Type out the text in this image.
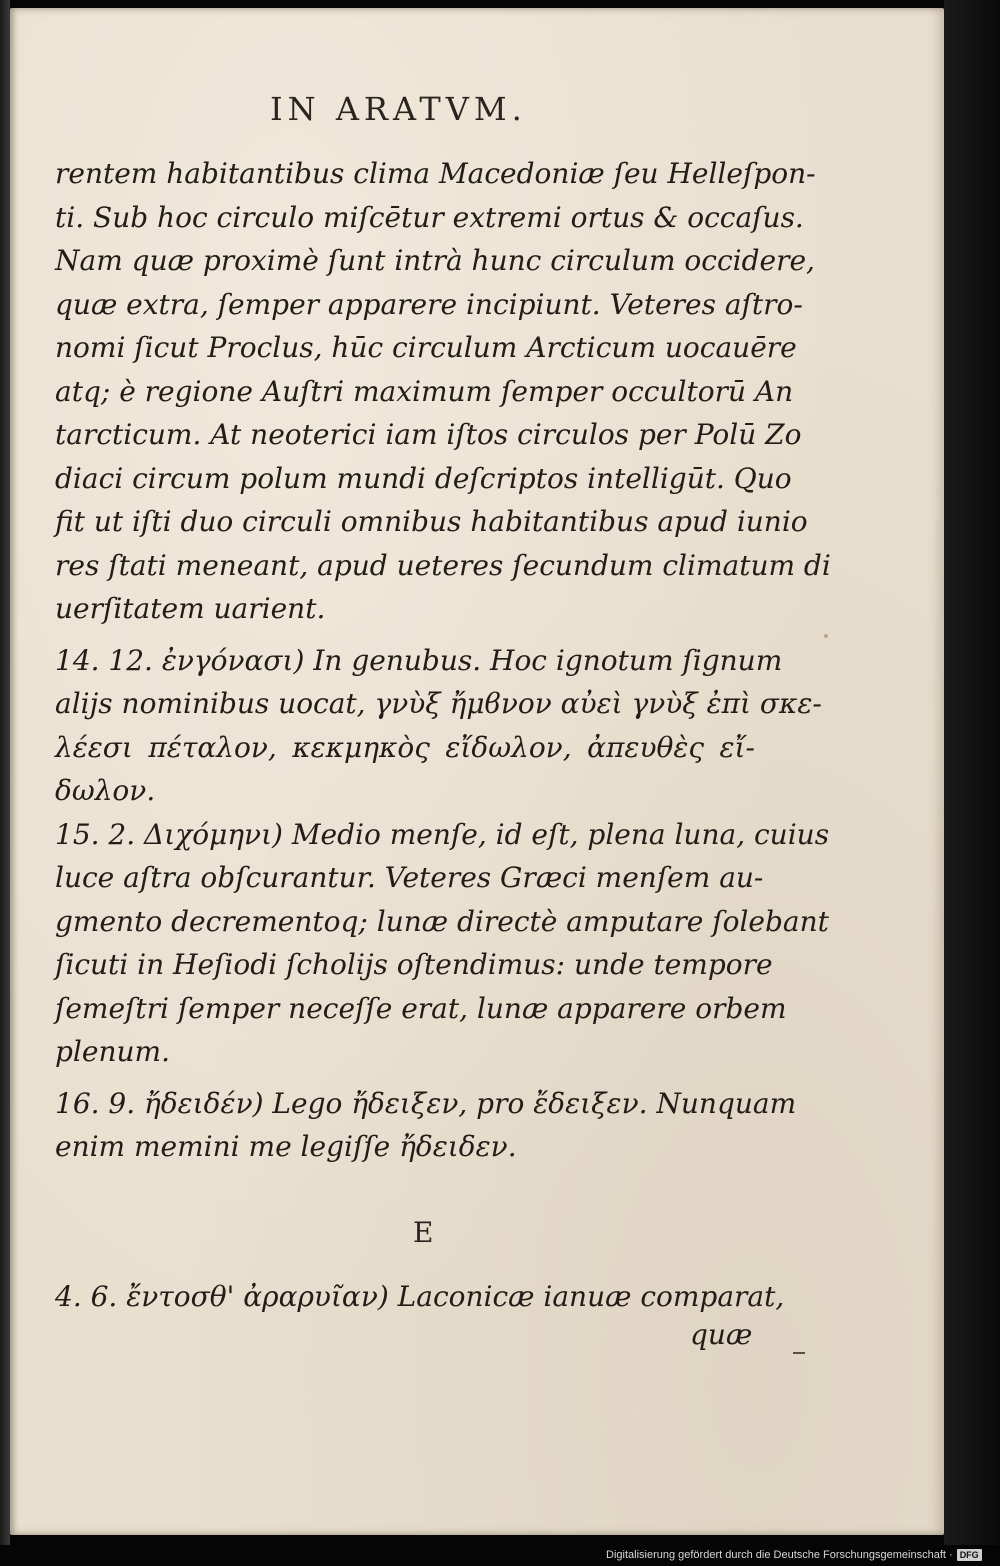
IN ARATVM.
rentem habitantibus clima Macedoniæ ſeu Helleſpon-
ti. Sub hoc circulo miſcētur extremi ortus & occaſus.
Nam quæ proximè ſunt intrà hunc circulum occidere,
quæ extra, ſemper apparere incipiunt. Veteres aſtro-
nomi ſicut Proclus, hūc circulum Arcticum uocauēre
atq; è regione Auſtri maximum ſemper occultorū An
tarcticum. At neoterici iam iſtos circulos per Polū Zo
diaci circum polum mundi deſcriptos intelligūt. Quo
fit ut iſti duo circuli omnibus habitantibus apud iunio
res ſtati meneant, apud ueteres ſecundum climatum di
uerſitatem uarient.
14. 12. ἐνγόνασι) In genubus. Hoc ignotum ſignum
alijs nominibus uocat, γνὺξ ἤμϐνον αὐεὶ γνὺξ ἐπὶ σκε-
λέεσι πέταλον, κεκμηκὸς εἴδωλον, ἀπευθὲς εἴ-
δωλον.
15. 2. Διχόμηνι) Medio menſe, id eſt, plena luna, cuius
luce aſtra obſcurantur. Veteres Græci menſem au-
gmento decrementoq; lunæ directè amputare ſolebant
ſicuti in Heſiodi ſcholijs oſtendimus: unde tempore
ſemeſtri ſemper neceſſe erat, lunæ apparere orbem
plenum.
16. 9. ἤδειδέν) Lego ἤδειξεν, pro ἔδειξεν. Nunquam
enim memini me legiſſe ἤδειδεν.
E
4. 6. ἔντοσθ' ἀραρυῖαν) Laconicæ ianuæ comparat,
quæ
Digitalisierung gefördert durch die Deutsche Forschungsgemeinschaft · DFG
